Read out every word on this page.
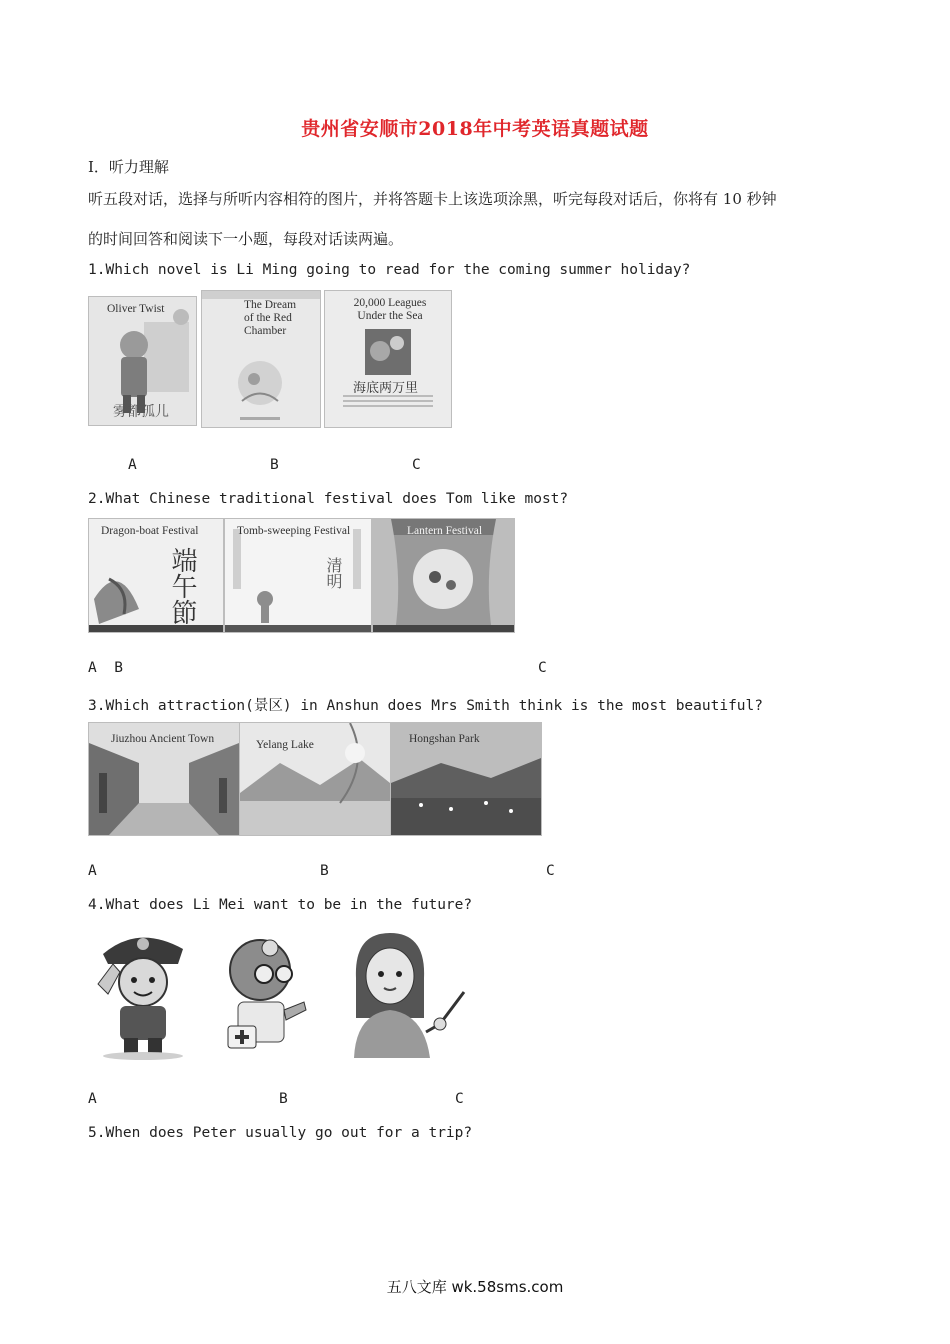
贵州省安顺市2018年中考英语真题试题
Ⅰ．听力理解
听五段对话，选择与所听内容相符的图片，并将答题卡上该选项涂黑，听完每段对话后，你将有 10 秒钟
的时间回答和阅读下一小题，每段对话读两遍。
1.Which novel is Li Ming going to read for the coming summer holiday?
Oliver Twist
雾都孤儿
The Dream of the Red Chamber
20,000 Leagues Under the Sea
海底两万里
A	B	C
2.What Chinese traditional festival does Tom like most?
Dragon-boat Festival
端午節
Tomb-sweeping Festival
清明
Lantern Festival
A  B	C
3.Which attraction(景区) in Anshun does Mrs Smith think is the most beautiful?
Jiuzhou Ancient Town	Yelang Lake	Hongshan Park
A	B	C
4.What does Li Mei want to be in the future?
A	B	C
5.When does Peter usually go out for a trip?
五八文库 wk.58sms.com
